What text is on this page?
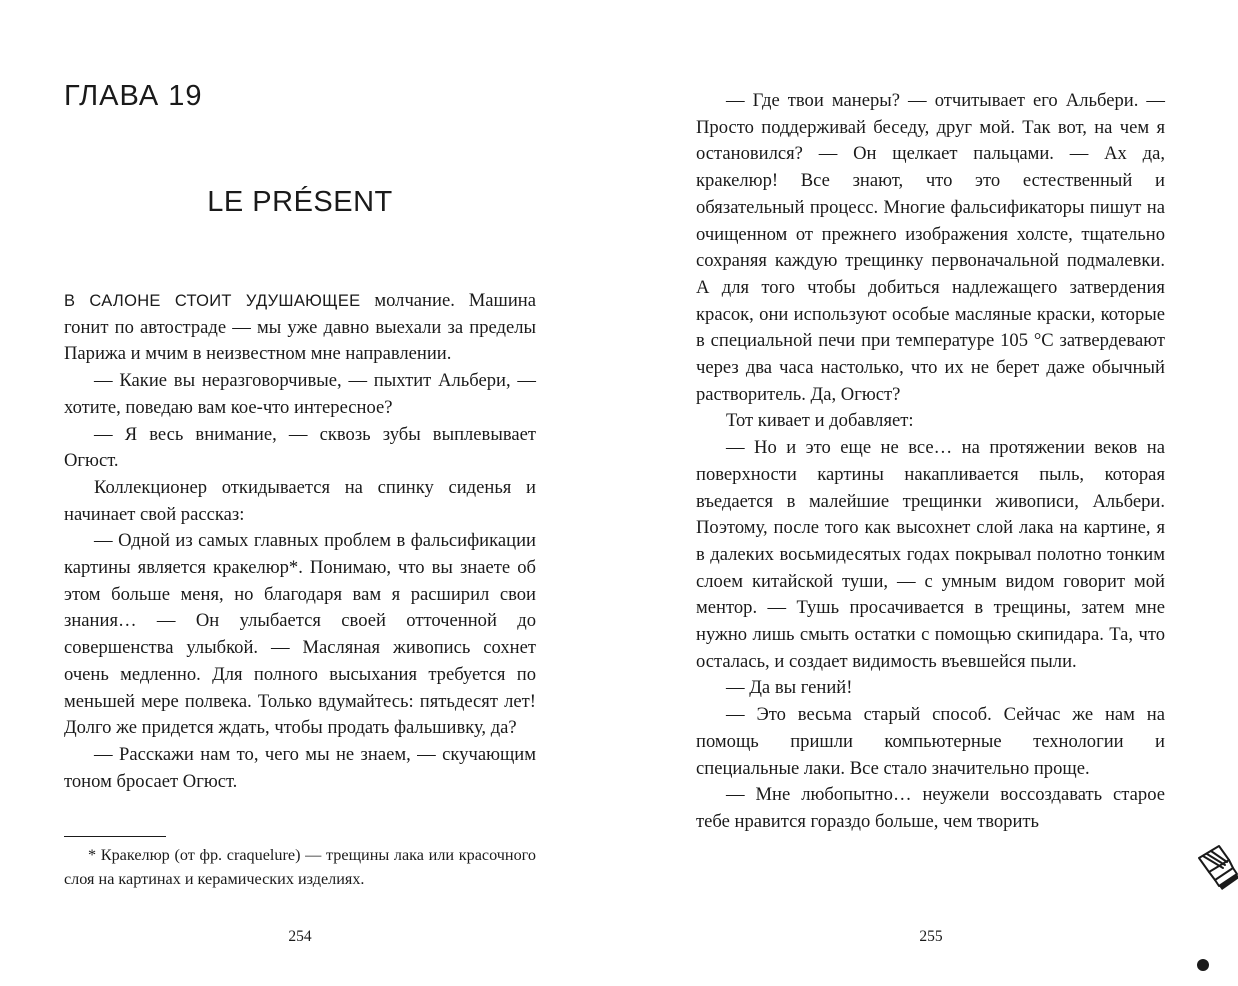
ГЛАВА 19
LE PRÉSENT

В САЛОНЕ СТОИТ УДУШАЮЩЕЕ молчание. Машина гонит по автостраде — мы уже давно выехали за пределы Парижа и мчим в неизвестном мне направлении.

— Какие вы неразговорчивые, — пыхтит Альбери, — хотите, поведаю вам кое-что интересное?

— Я весь внимание, — сквозь зубы выплевывает Огюст.

Коллекционер откидывается на спинку сиденья и начинает свой рассказ:

— Одной из самых главных проблем в фальсификации картины является кракелюр*. Понимаю, что вы знаете об этом больше меня, но благодаря вам я расширил свои знания… — Он улыбается своей отточенной до совершенства улыбкой. — Масляная живопись сохнет очень медленно. Для полного высыхания требуется по меньшей мере полвека. Только вдумайтесь: пятьдесят лет! Долго же придется ждать, чтобы продать фальшивку, да?

— Расскажи нам то, чего мы не знаем, — скучающим тоном бросает Огюст.

* Кракелюр (от фр. craquelure) — трещины лака или красочного слоя на картинах и керамических изделиях.

254

— Где твои манеры? — отчитывает его Альбери. — Просто поддерживай беседу, друг мой. Так вот, на чем я остановился? — Он щелкает пальцами. — Ах да, кракелюр! Все знают, что это естественный и обязательный процесс. Многие фальсификаторы пишут на очищенном от прежнего изображения холсте, тщательно сохраняя каждую трещинку первоначальной подмалевки. А для того чтобы добиться надлежащего затвердения красок, они используют особые масляные краски, которые в специальной печи при температуре 105 °С затвердевают через два часа настолько, что их не берет даже обычный растворитель. Да, Огюст?

Тот кивает и добавляет:

— Но и это еще не все… на протяжении веков на поверхности картины накапливается пыль, которая въедается в малейшие трещинки живописи, Альбери. Поэтому, после того как высохнет слой лака на картине, я в далеких восьмидесятых годах покрывал полотно тонким слоем китайской туши, — с умным видом говорит мой ментор. — Тушь просачивается в трещины, затем мне нужно лишь смыть остатки с помощью скипидара. Та, что осталась, и создает видимость въевшейся пыли.

— Да вы гений!

— Это весьма старый способ. Сейчас же нам на помощь пришли компьютерные технологии и специальные лаки. Все стало значительно проще.

— Мне любопытно… неужели воссоздавать старое тебе нравится гораздо больше, чем творить

255
